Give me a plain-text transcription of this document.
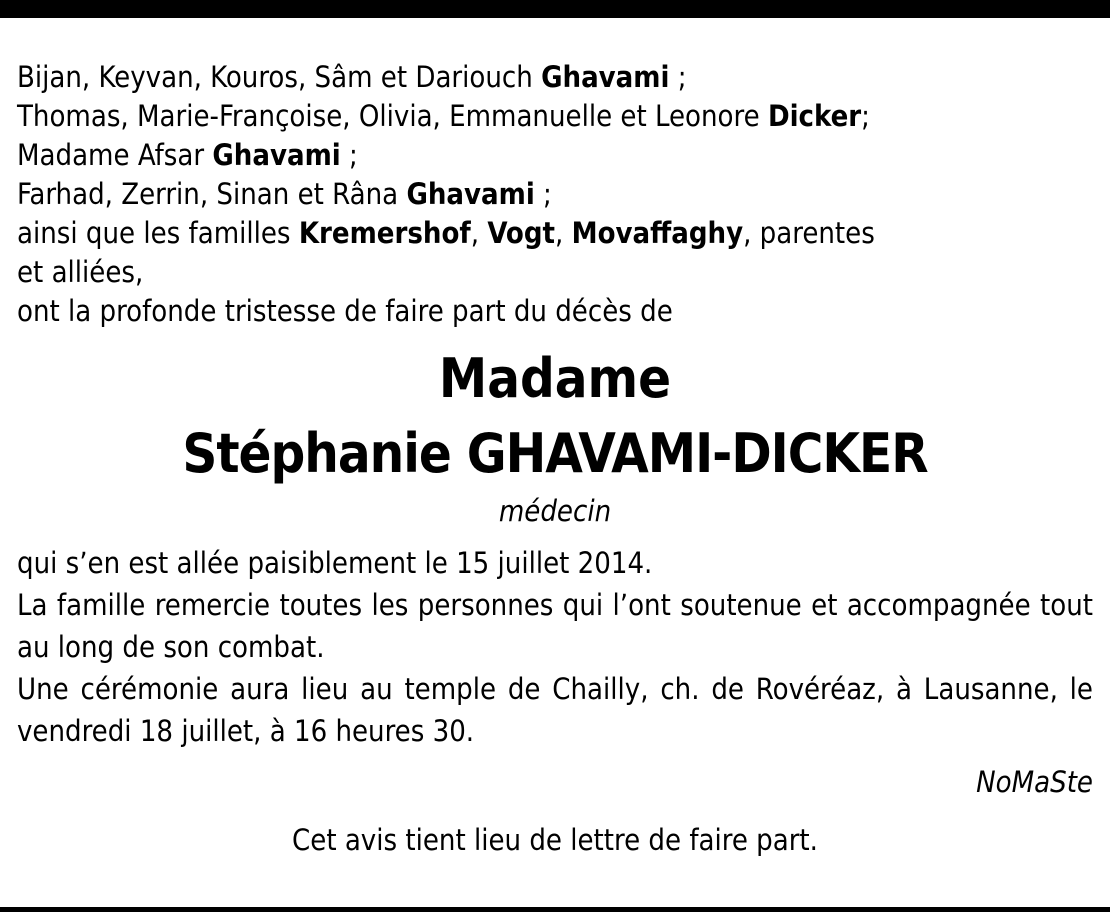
Bijan, Keyvan, Kouros, Sâm et Dariouch Ghavami ;

Thomas, Marie-Françoise, Olivia, Emmanuelle et Leonore Dicker;

Madame Afsar Ghavami ;

Farhad, Zerrin, Sinan et Râna Ghavami ;

ainsi que les familles Kremershof, Vogt, Movaffaghy, parentes

et alliées,

ont la profonde tristesse de faire part du décès de

Madame
Stéphanie GHAVAMI-DICKER
médecin

qui s’en est allée paisiblement le 15 juillet 2014.

La famille remercie toutes les personnes qui l’ont soutenue et accompagnée tout au long de son combat.

Une cérémonie aura lieu au temple de Chailly, ch. de Rovéréaz, à Lausanne, le vendredi 18 juillet, à 16 heures 30.

NoMaSte
Cet avis tient lieu de lettre de faire part.
